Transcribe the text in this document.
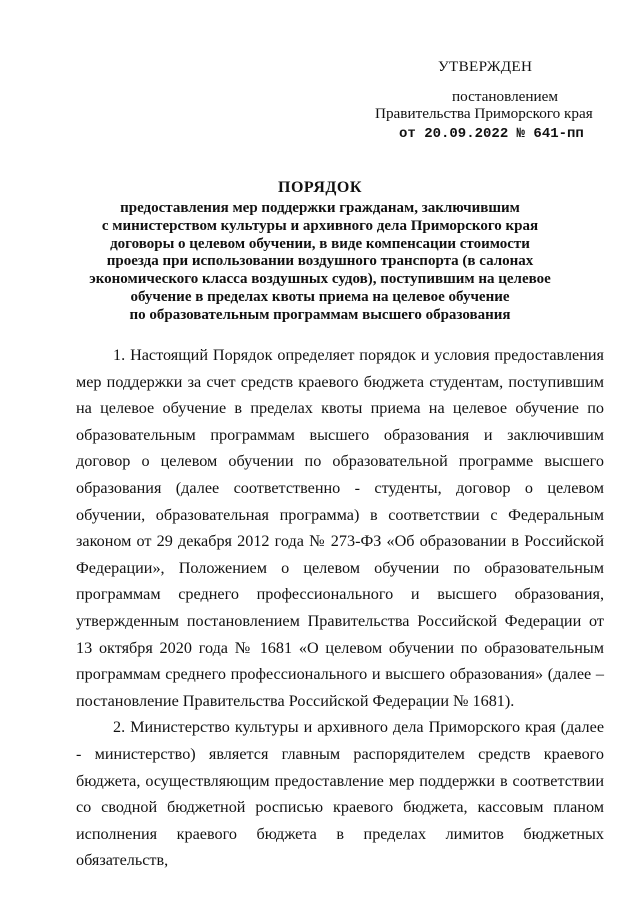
УТВЕРЖДЕН
постановлением
Правительства Приморского края
от 20.09.2022 № 641-пп
ПОРЯДОК
предоставления мер поддержки гражданам, заключившим
с министерством культуры и архивного дела Приморского края
договоры о целевом обучении, в виде компенсации стоимости
проезда при использовании воздушного транспорта (в салонах
экономического класса воздушных судов), поступившим на целевое
обучение в пределах квоты приема на целевое обучение
по образовательным программам высшего образования

1. Настоящий Порядок определяет порядок и условия предоставления мер поддержки за счет средств краевого бюджета студентам, поступившим на целевое обучение в пределах квоты приема на целевое обучение по образовательным программам высшего образования и заключившим договор о целевом обучении по образовательной программе высшего образования (далее соответственно - студенты, договор о целевом обучении, образовательная программа) в соответствии с Федеральным законом от 29 декабря 2012 года № 273-ФЗ «Об образовании в Российской Федерации», Положением о целевом обучении по образовательным программам среднего профессионального и высшего образования, утвержденным постановлением Правительства Российской Федерации от 13 октября 2020 года № 1681 «О целевом обучении по образовательным программам среднего профессионального и высшего образования» (далее – постановление Правительства Российской Федерации № 1681).

2. Министерство культуры и архивного дела Приморского края (далее - министерство) является главным распорядителем средств краевого бюджета, осуществляющим предоставление мер поддержки в соответствии со сводной бюджетной росписью краевого бюджета, кассовым планом исполнения краевого бюджета в пределах лимитов бюджетных обязательств,
